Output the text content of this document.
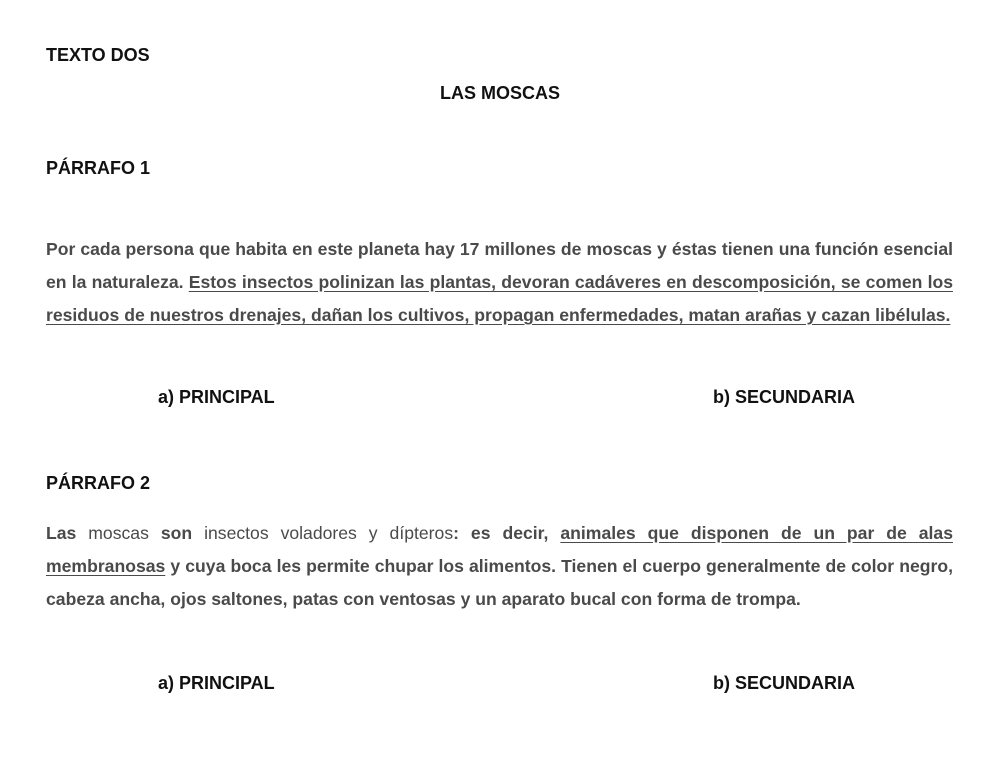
TEXTO DOS
LAS MOSCAS
PÁRRAFO 1

Por cada persona que habita en este planeta hay 17 millones de moscas y éstas tienen una función esencial en la naturaleza. Estos insectos polinizan las plantas, devoran cadáveres en descomposición, se comen los residuos de nuestros drenajes, dañan los cultivos, propagan enfermedades, matan arañas y cazan libélulas.

a) PRINCIPAL	b) SECUNDARIA
PÁRRAFO 2

Las moscas son insectos voladores y dípteros: es decir, animales que disponen de un par de alas membranosas y cuya boca les permite chupar los alimentos. Tienen el cuerpo generalmente de color negro, cabeza ancha, ojos saltones, patas con ventosas y un aparato bucal con forma de trompa.

a) PRINCIPAL	b) SECUNDARIA
